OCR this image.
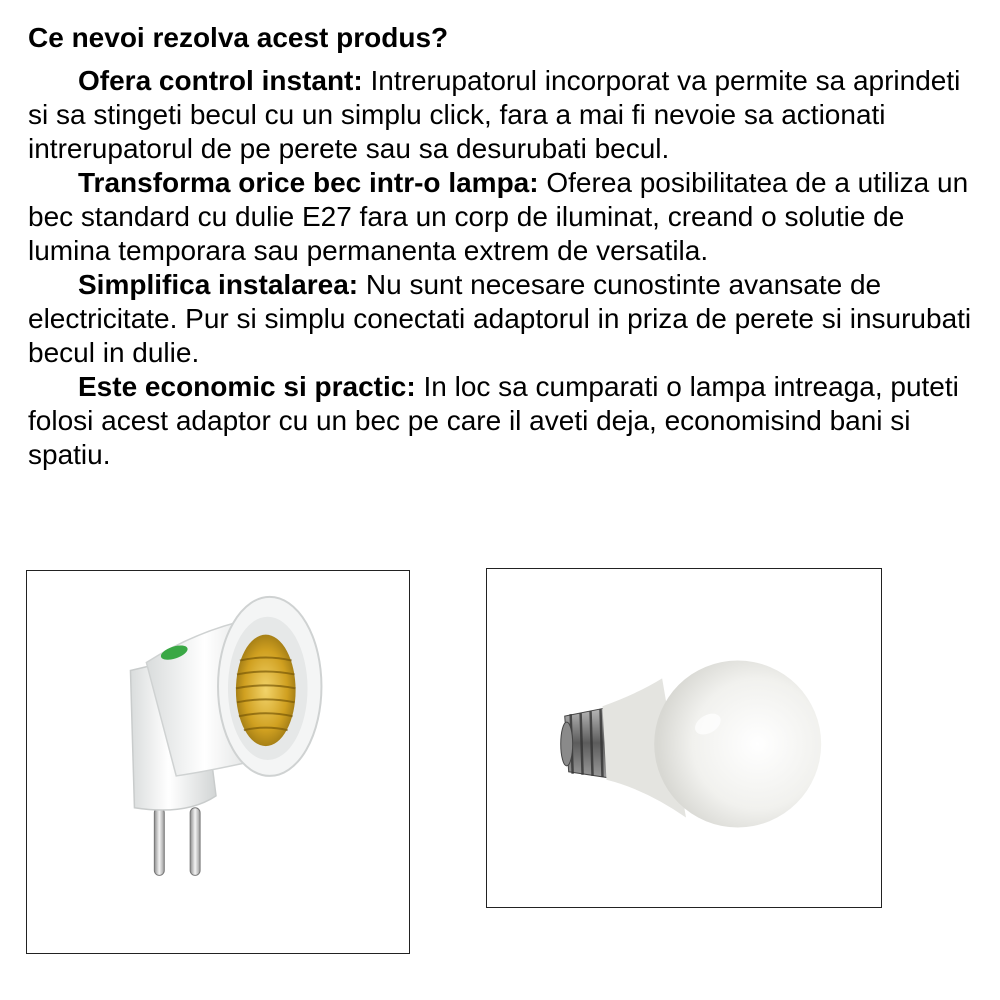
Ce nevoi rezolva acest produs?
•
Ofera control instant: Intrerupatorul incorporat va permite sa aprindeti si sa stingeti becul cu un simplu click, fara a mai fi nevoie sa actionati intrerupatorul de pe perete sau sa desurubati becul.
•
Transforma orice bec intr-o lampa: Oferea posibilitatea de a utiliza un bec standard cu dulie E27 fara un corp de iluminat, creand o solutie de lumina temporara sau permanenta extrem de versatila.
•
Simplifica instalarea: Nu sunt necesare cunostinte avansate de electricitate. Pur si simplu conectati adaptorul in priza de perete si insurubati becul in dulie.
•
Este economic si practic: In loc sa cumparati o lampa intreaga, puteti folosi acest adaptor cu un bec pe care il aveti deja, economisind bani si spatiu.
